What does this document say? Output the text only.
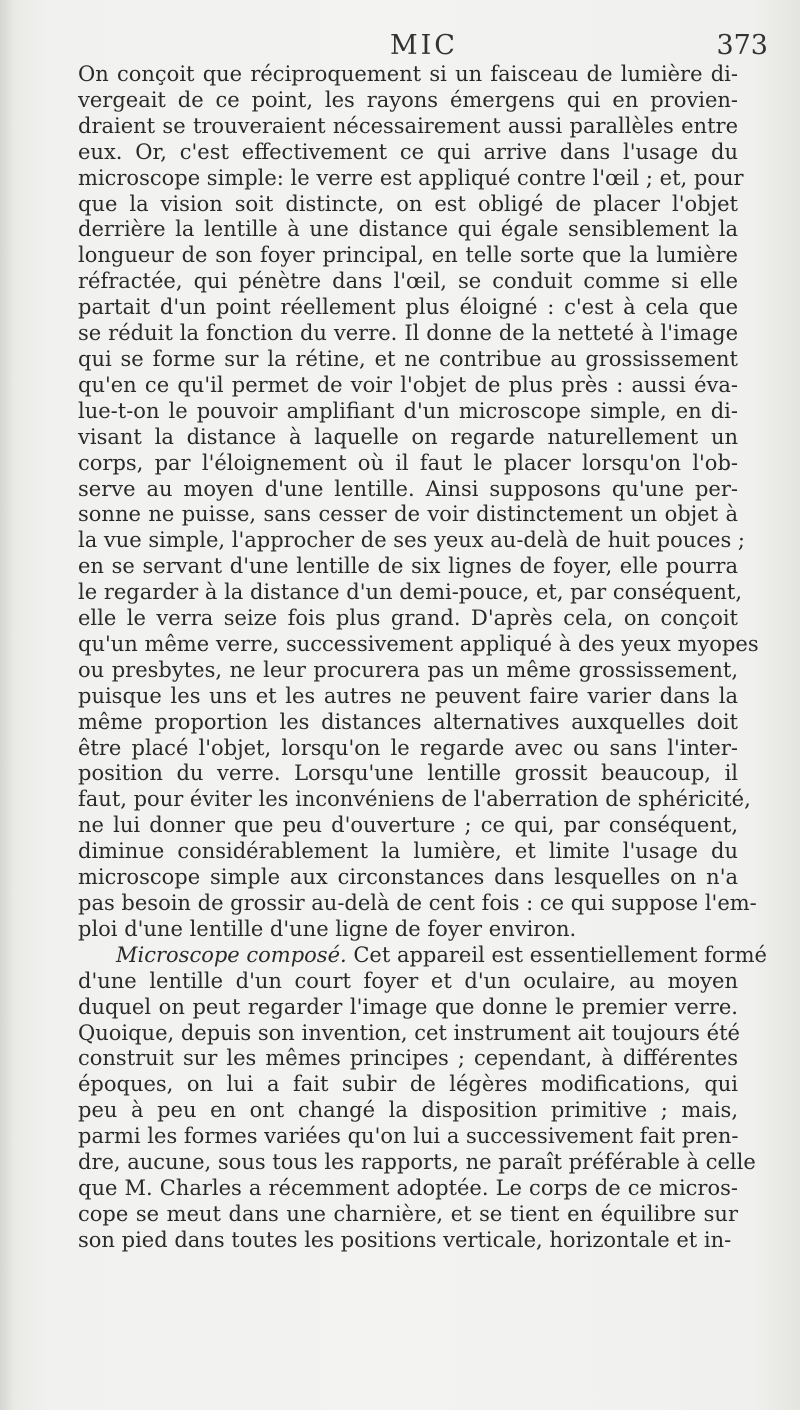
MIC	373
On conçoit que réciproquement si un faisceau de lumière di-
vergeait de ce point, les rayons émergens qui en provien-
draient se trouveraient nécessairement aussi parallèles entre
eux. Or, c'est effectivement ce qui arrive dans l'usage du
microscope simple: le verre est appliqué contre l'œil ; et, pour
que la vision soit distincte, on est obligé de placer l'objet
derrière la lentille à une distance qui égale sensiblement la
longueur de son foyer principal, en telle sorte que la lumière
réfractée, qui pénètre dans l'œil, se conduit comme si elle
partait d'un point réellement plus éloigné : c'est à cela que
se réduit la fonction du verre. Il donne de la netteté à l'image
qui se forme sur la rétine, et ne contribue au grossissement
qu'en ce qu'il permet de voir l'objet de plus près : aussi éva-
lue-t-on le pouvoir amplifiant d'un microscope simple, en di-
visant la distance à laquelle on regarde naturellement un
corps, par l'éloignement où il faut le placer lorsqu'on l'ob-
serve au moyen d'une lentille. Ainsi supposons qu'une per-
sonne ne puisse, sans cesser de voir distinctement un objet à
la vue simple, l'approcher de ses yeux au-delà de huit pouces ;
en se servant d'une lentille de six lignes de foyer, elle pourra
le regarder à la distance d'un demi-pouce, et, par conséquent,
elle le verra seize fois plus grand. D'après cela, on conçoit
qu'un même verre, successivement appliqué à des yeux myopes
ou presbytes, ne leur procurera pas un même grossissement,
puisque les uns et les autres ne peuvent faire varier dans la
même proportion les distances alternatives auxquelles doit
être placé l'objet, lorsqu'on le regarde avec ou sans l'inter-
position du verre. Lorsqu'une lentille grossit beaucoup, il
faut, pour éviter les inconvéniens de l'aberration de sphéricité,
ne lui donner que peu d'ouverture ; ce qui, par conséquent,
diminue considérablement la lumière, et limite l'usage du
microscope simple aux circonstances dans lesquelles on n'a
pas besoin de grossir au-delà de cent fois : ce qui suppose l'em-
ploi d'une lentille d'une ligne de foyer environ.
Microscope composé. Cet appareil est essentiellement formé
d'une lentille d'un court foyer et d'un oculaire, au moyen
duquel on peut regarder l'image que donne le premier verre.
Quoique, depuis son invention, cet instrument ait toujours été
construit sur les mêmes principes ; cependant, à différentes
époques, on lui a fait subir de légères modifications, qui
peu à peu en ont changé la disposition primitive ; mais,
parmi les formes variées qu'on lui a successivement fait pren-
dre, aucune, sous tous les rapports, ne paraît préférable à celle
que M. Charles a récemment adoptée. Le corps de ce micros-
cope se meut dans une charnière, et se tient en équilibre sur
son pied dans toutes les positions verticale, horizontale et in-
